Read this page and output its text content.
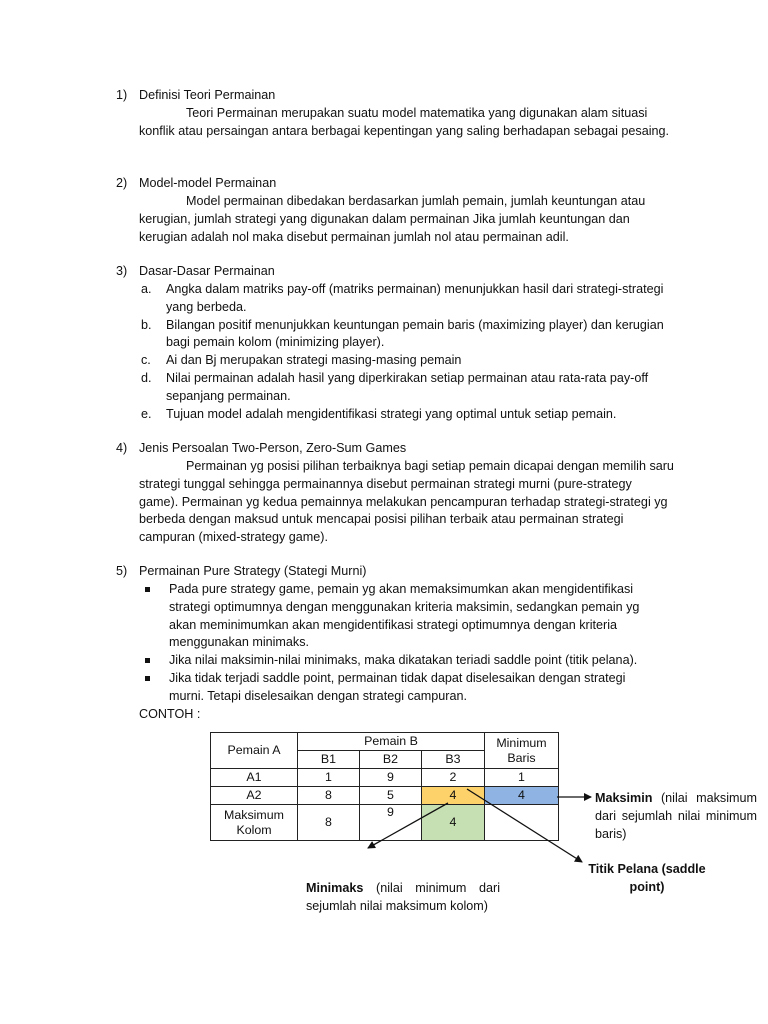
1) Definisi Teori Permainan
Teori Permainan merupakan suatu model matematika yang digunakan alam situasi konflik atau persaingan antara berbagai kepentingan yang saling berhadapan sebagai pesaing.
2) Model-model Permainan
Model permainan dibedakan berdasarkan jumlah pemain, jumlah keuntungan atau kerugian, jumlah strategi yang digunakan dalam permainan Jika jumlah keuntungan dan kerugian adalah nol maka disebut permainan jumlah nol atau permainan adil.
3) Dasar-Dasar Permainan
a. Angka dalam matriks pay-off (matriks permainan) menunjukkan hasil dari strategi-strategi yang berbeda.
b. Bilangan positif menunjukkan keuntungan pemain baris (maximizing player) dan kerugian bagi pemain kolom (minimizing player).
c. Ai dan Bj merupakan strategi masing-masing pemain
d. Nilai permainan adalah hasil yang diperkirakan setiap permainan atau rata-rata pay-off sepanjang permainan.
e. Tujuan model adalah mengidentifikasi strategi yang optimal untuk setiap pemain.
4) Jenis Persoalan Two-Person, Zero-Sum Games
Permainan yg posisi pilihan terbaiknya bagi setiap pemain dicapai dengan memilih saru strategi tunggal sehingga permainannya disebut permainan strategi murni (pure-strategy game). Permainan yg kedua pemainnya melakukan pencampuran terhadap strategi-strategi yg berbeda dengan maksud untuk mencapai posisi pilihan terbaik atau permainan strategi campuran (mixed-strategy game).
5) Permainan Pure Strategy (Stategi Murni)
Pada pure strategy game, pemain yg akan memaksimumkan akan mengidentifikasi strategi optimumnya dengan menggunakan kriteria maksimin, sedangkan pemain yg akan meminimumkan akan mengidentifikasi strategi optimumnya dengan kriteria menggunakan minimaks.
Jika nilai maksimin-nilai minimaks, maka dikatakan teriadi saddle point (titik pelana).
Jika tidak terjadi saddle point, permainan tidak dapat diselesaikan dengan strategi murni. Tetapi diselesaikan dengan strategi campuran.
CONTOH :
Pemain A	Pemain B			Minimum Baris
	B1	B2	B3	
A1	1	9	2	1
A2	8	5	4	4
Maksimum Kolom	8	9	4	
Maksimin (nilai maksimum dari sejumlah nilai minimum baris)
Titik Pelana (saddle point)
Minimaks (nilai minimum dari sejumlah nilai maksimum kolom)
